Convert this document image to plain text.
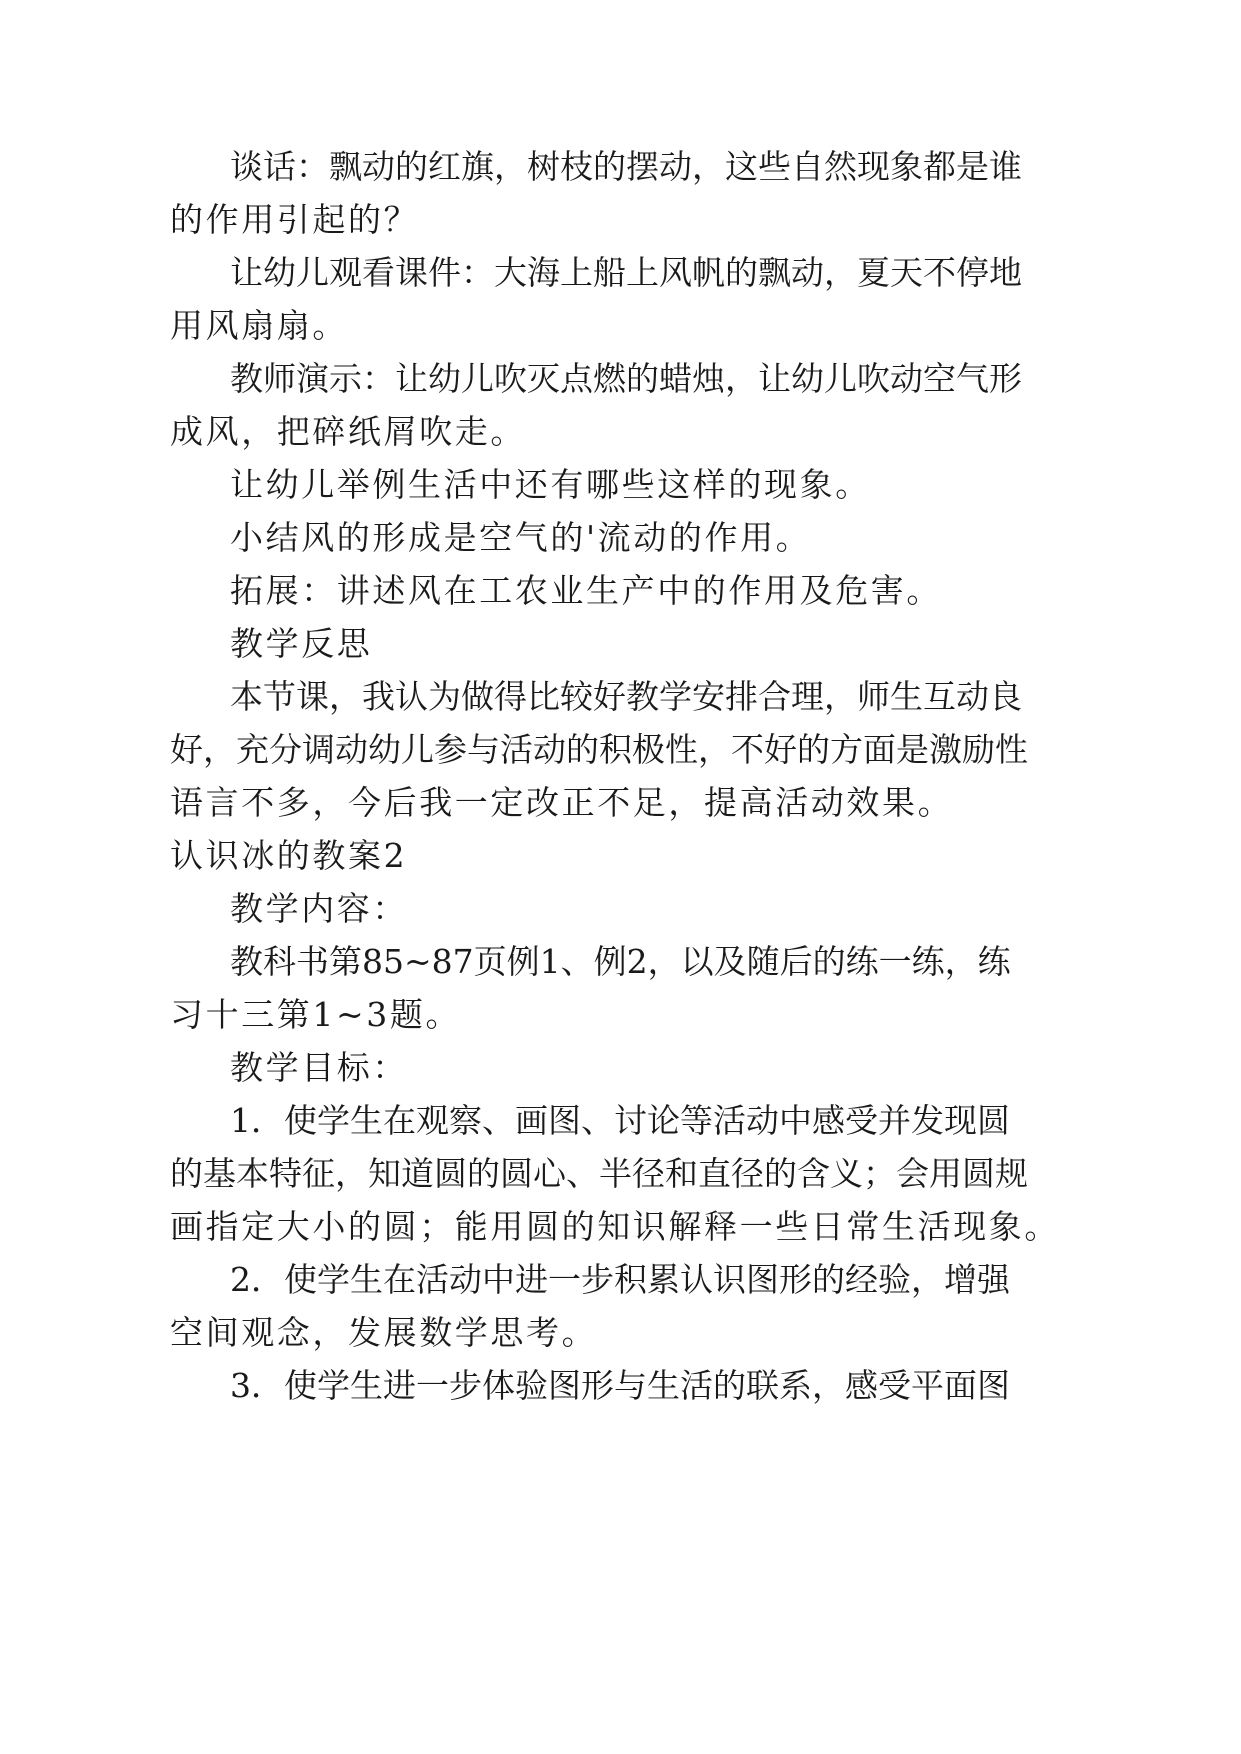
谈话：飘动的红旗，树枝的摆动，这些自然现象都是谁
的作用引起的？
让幼儿观看课件：大海上船上风帆的飘动，夏天不停地
用风扇扇。
教师演示：让幼儿吹灭点燃的蜡烛，让幼儿吹动空气形
成风，把碎纸屑吹走。
让幼儿举例生活中还有哪些这样的现象。
小结风的形成是空气的'流动的作用。
拓展：讲述风在工农业生产中的作用及危害。
教学反思
本节课，我认为做得比较好教学安排合理，师生互动良
好，充分调动幼儿参与活动的积极性，不好的方面是激励性
语言不多，今后我一定改正不足，提高活动效果。
认识冰的教案2
教学内容：
教科书第85~87页例1、例2，以及随后的练一练，练
习十三第1~3题。
教学目标：
1．使学生在观察、画图、讨论等活动中感受并发现圆
的基本特征，知道圆的圆心、半径和直径的含义；会用圆规
画指定大小的圆；能用圆的知识解释一些日常生活现象。
2．使学生在活动中进一步积累认识图形的经验，增强
空间观念，发展数学思考。
3．使学生进一步体验图形与生活的联系，感受平面图
